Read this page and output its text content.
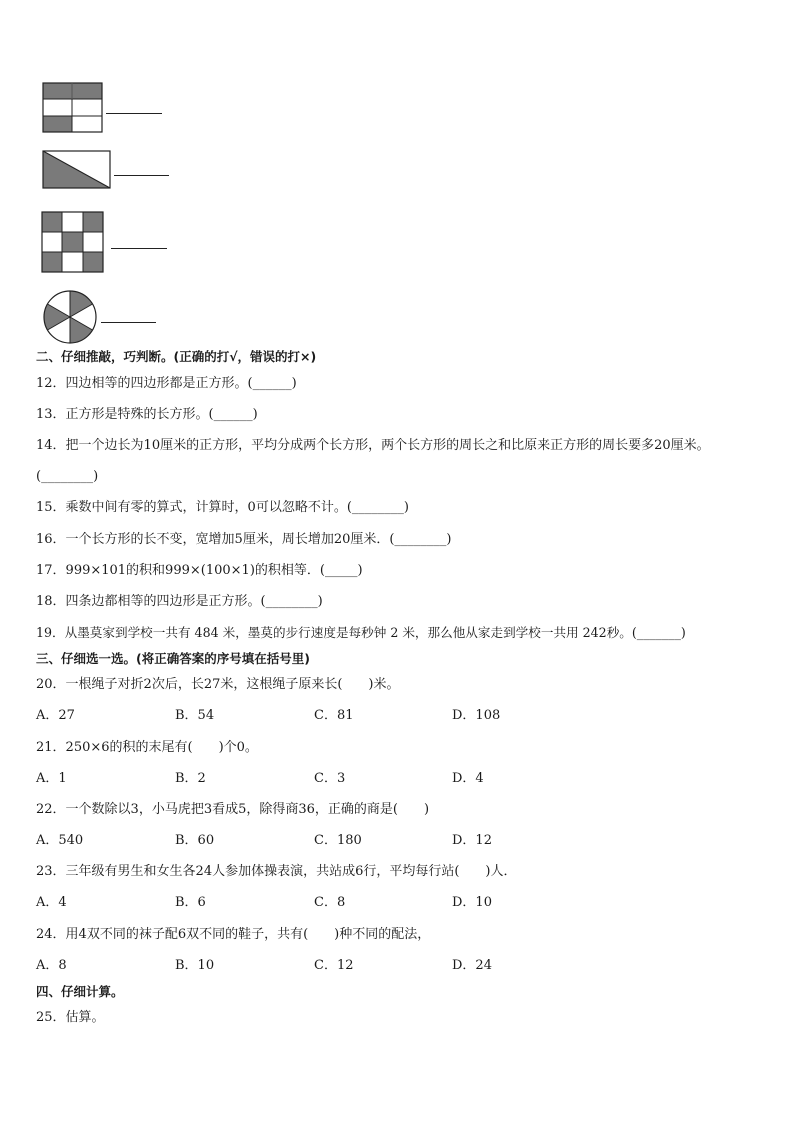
二、仔细推敲，巧判断。(正确的打√，错误的打×)
12．四边相等的四边形都是正方形。(______)
13．正方形是特殊的长方形。(______)
14．把一个边长为10厘米的正方形，平均分成两个长方形，两个长方形的周长之和比原来正方形的周长要多20厘米。
(________)
15．乘数中间有零的算式，计算时，0可以忽略不计。(________)
16．一个长方形的长不变，宽增加5厘米，周长增加20厘米．(________)
17．999×101的积和999×(100×1)的积相等．(_____)
18．四条边都相等的四边形是正方形。(________)
19．从墨莫家到学校一共有 484 米，墨莫的步行速度是每秒钟 2 米，那么他从家走到学校一共用 242秒。(_______)
三、仔细选一选。(将正确答案的序号填在括号里)
20．一根绳子对折2次后，长27米，这根绳子原来长(　　)米。
A．27	B．54	C．81	D．108
21．250×6的积的末尾有(　　)个0。
A．1	B．2	C．3	D．4
22．一个数除以3，小马虎把3看成5，除得商36，正确的商是(　　)
A．540	B．60	C．180	D．12
23．三年级有男生和女生各24人参加体操表演，共站成6行，平均每行站(　　)人．
A．4	B．6	C．8	D．10
24．用4双不同的袜子配6双不同的鞋子，共有(　　)种不同的配法，
A．8	B．10	C．12	D．24
四、仔细计算。
25．估算。
